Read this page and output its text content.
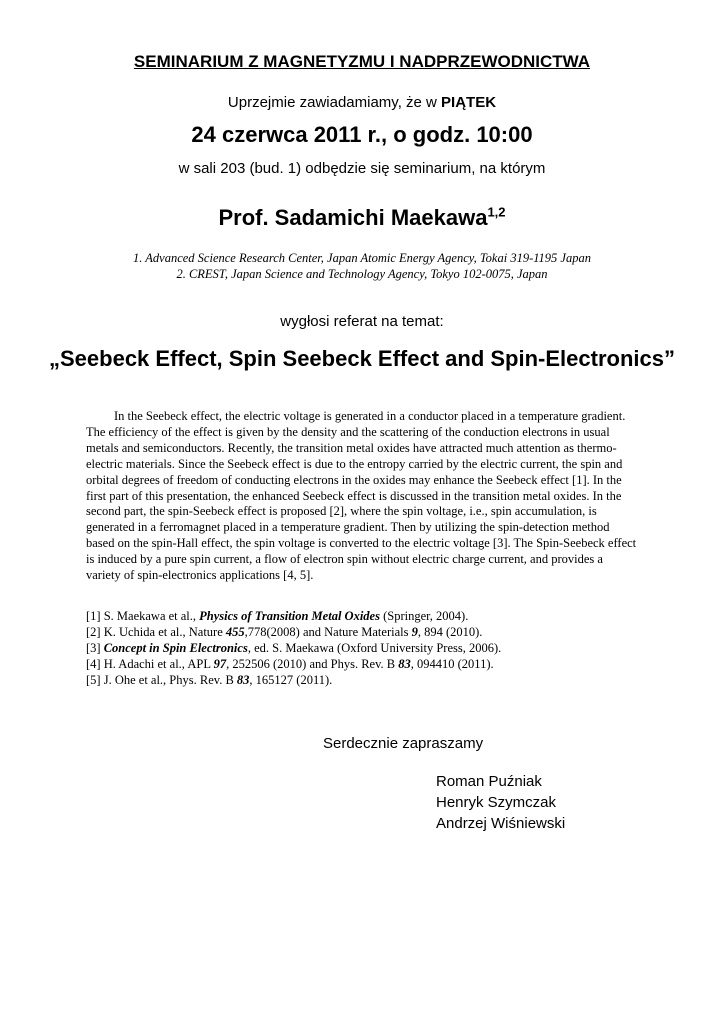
SEMINARIUM Z MAGNETYZMU I NADPRZEWODNICTWA
Uprzejmie zawiadamiamy, że w PIĄTEK
24 czerwca 2011 r., o godz. 10:00
w sali 203 (bud. 1) odbędzie się seminarium, na którym
Prof. Sadamichi Maekawa$^{1,2}$
1. Advanced Science Research Center, Japan Atomic Energy Agency, Tokai 319-1195 Japan
2. CREST, Japan Science and Technology Agency, Tokyo 102-0075, Japan
wygłosi referat na temat:
„Seebeck Effect, Spin Seebeck Effect and Spin-Electronics”

In the Seebeck effect, the electric voltage is generated in a conductor placed in a temperature gradient. The efficiency of the effect is given by the density and the scattering of the conduction electrons in usual metals and semiconductors. Recently, the transition metal oxides have attracted much attention as thermo-electric materials. Since the Seebeck effect is due to the entropy carried by the electric current, the spin and orbital degrees of freedom of conducting electrons in the oxides may enhance the Seebeck effect [1]. In the first part of this presentation, the enhanced Seebeck effect is discussed in the transition metal oxides. In the second part, the spin-Seebeck effect is proposed [2], where the spin voltage, i.e., spin accumulation, is generated in a ferromagnet placed in a temperature gradient. Then by utilizing the spin-detection method based on the spin-Hall effect, the spin voltage is converted to the electric voltage [3]. The Spin-Seebeck effect is induced by a pure spin current, a flow of electron spin without electric charge current, and provides a variety of spin-electronics applications [4, 5].

[1] S. Maekawa et al., Physics of Transition Metal Oxides (Springer, 2004).
[2] K. Uchida et al., Nature 455,778(2008) and Nature Materials 9, 894 (2010).
[3] Concept in Spin Electronics, ed. S. Maekawa (Oxford University Press, 2006).
[4] H. Adachi et al., APL 97, 252506 (2010) and Phys. Rev. B 83, 094410 (2011).
[5] J. Ohe et al., Phys. Rev. B 83, 165127 (2011).
Serdecznie zapraszamy
Roman Puźniak
Henryk Szymczak
Andrzej Wiśniewski
